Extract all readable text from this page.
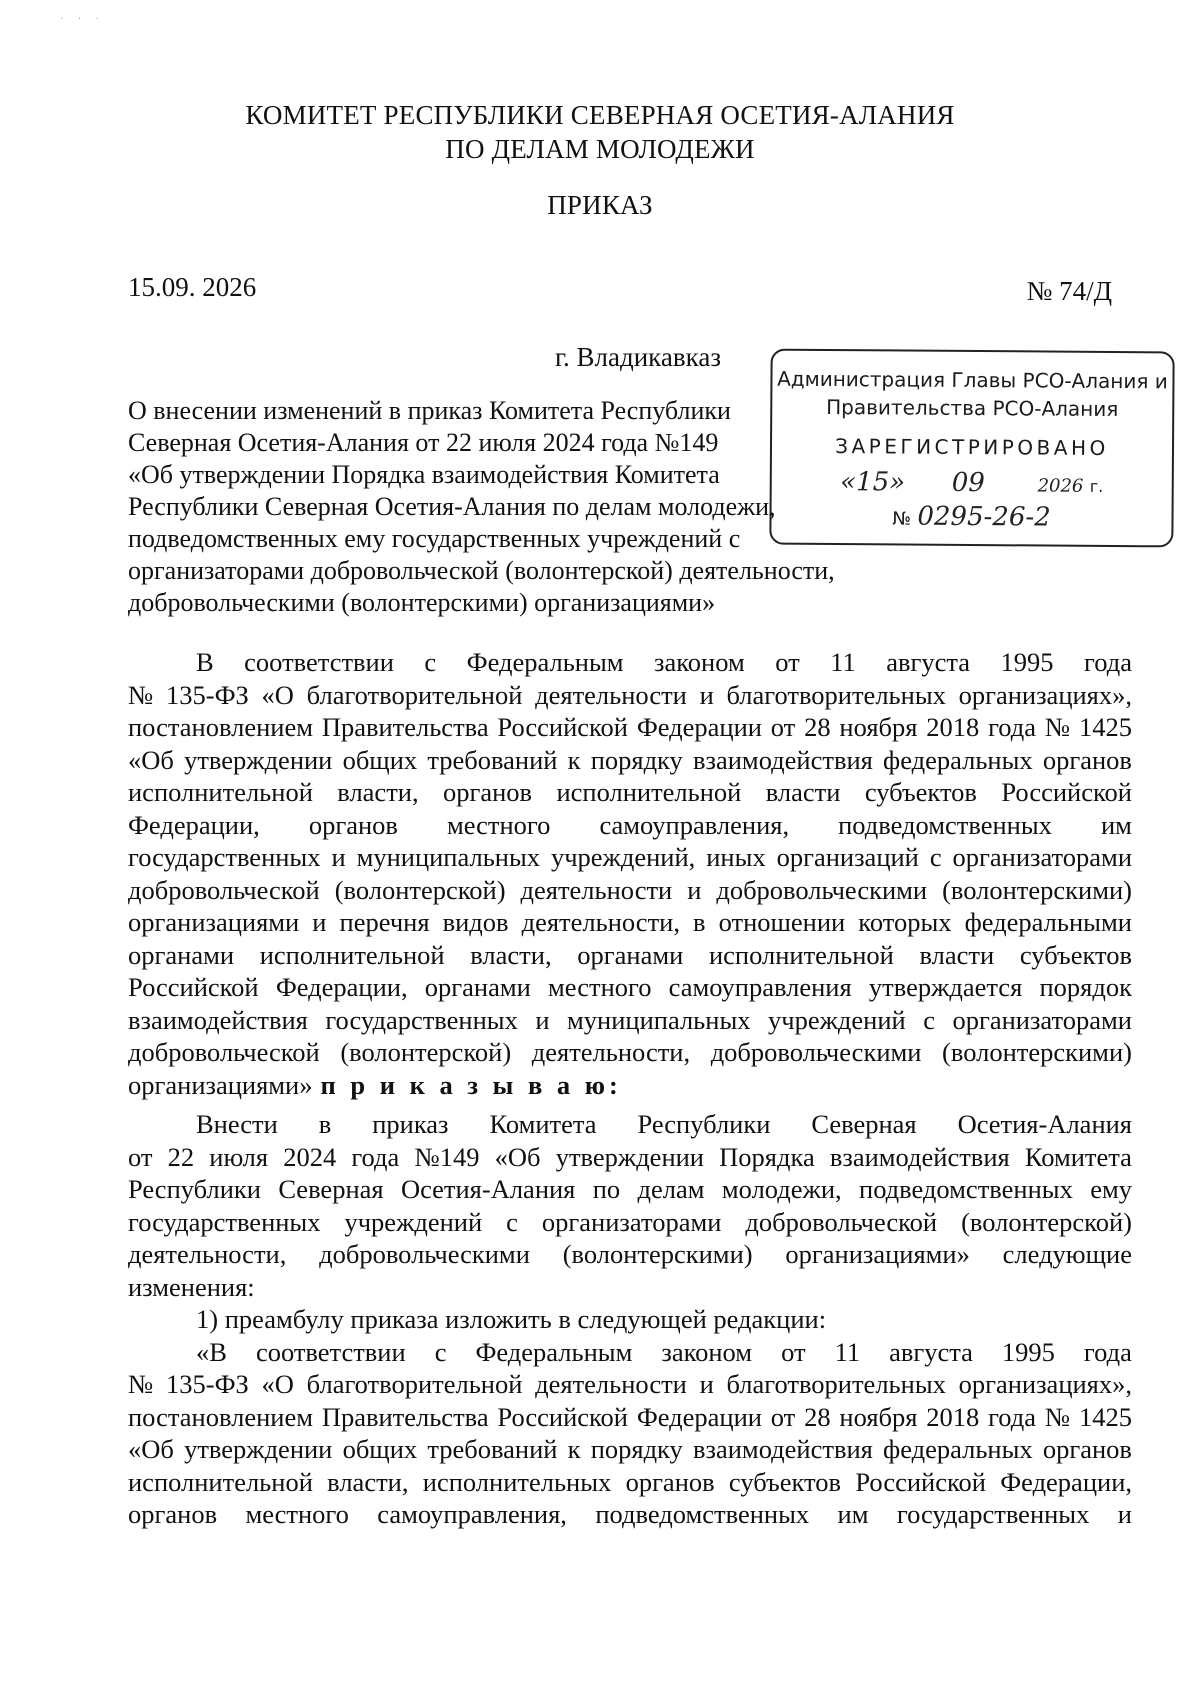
· · ·
КОМИТЕТ РЕСПУБЛИКИ СЕВЕРНАЯ ОСЕТИЯ-АЛАНИЯ
ПО ДЕЛАМ МОЛОДЕЖИ
ПРИКАЗ
15.09. 2026	№ 74/Д
г. Владикавказ
Администрация Главы РСО-Алания и
Правительства РСО-Алания
ЗАРЕГИСТРИРОВАНО
«15» 09	2026 г.
№ 0295-26-2
О внесении изменений в приказ Комитета Республики
Северная Осетия-Алания от 22 июля 2024 года №149
«Об утверждении Порядка взаимодействия Комитета
Республики Северная Осетия-Алания по делам молодежи,
подведомственных ему государственных учреждений с
организаторами добровольческой (волонтерской) деятельности,
добровольческими (волонтерскими) организациями»
В соответствии с Федеральным законом от 11 августа 1995 года
№ 135-ФЗ «О благотворительной деятельности и благотворительных организациях»,
постановлением Правительства Российской Федерации от 28 ноября 2018 года № 1425
«Об утверждении общих требований к порядку взаимодействия федеральных органов
исполнительной власти, органов исполнительной власти субъектов Российской
Федерации, органов местного самоуправления, подведомственных им
государственных и муниципальных учреждений, иных организаций с организаторами
добровольческой (волонтерской) деятельности и добровольческими (волонтерскими)
организациями и перечня видов деятельности, в отношении которых федеральными
органами исполнительной власти, органами исполнительной власти субъектов
Российской Федерации, органами местного самоуправления утверждается порядок
взаимодействия государственных и муниципальных учреждений с организаторами
добровольческой (волонтерской) деятельности, добровольческими (волонтерскими)
организациями» п р и к а з ы в а ю:
Внести в приказ Комитета Республики Северная Осетия-Алания
от 22 июля 2024 года №149 «Об утверждении Порядка взаимодействия Комитета
Республики Северная Осетия-Алания по делам молодежи, подведомственных ему
государственных учреждений с организаторами добровольческой (волонтерской)
деятельности, добровольческими (волонтерскими) организациями» следующие
изменения:
1) преамбулу приказа изложить в следующей редакции:
«В соответствии с Федеральным законом от 11 августа 1995 года
№ 135-ФЗ «О благотворительной деятельности и благотворительных организациях»,
постановлением Правительства Российской Федерации от 28 ноября 2018 года № 1425
«Об утверждении общих требований к порядку взаимодействия федеральных органов
исполнительной власти, исполнительных органов субъектов Российской Федерации,
органов местного самоуправления, подведомственных им государственных и
